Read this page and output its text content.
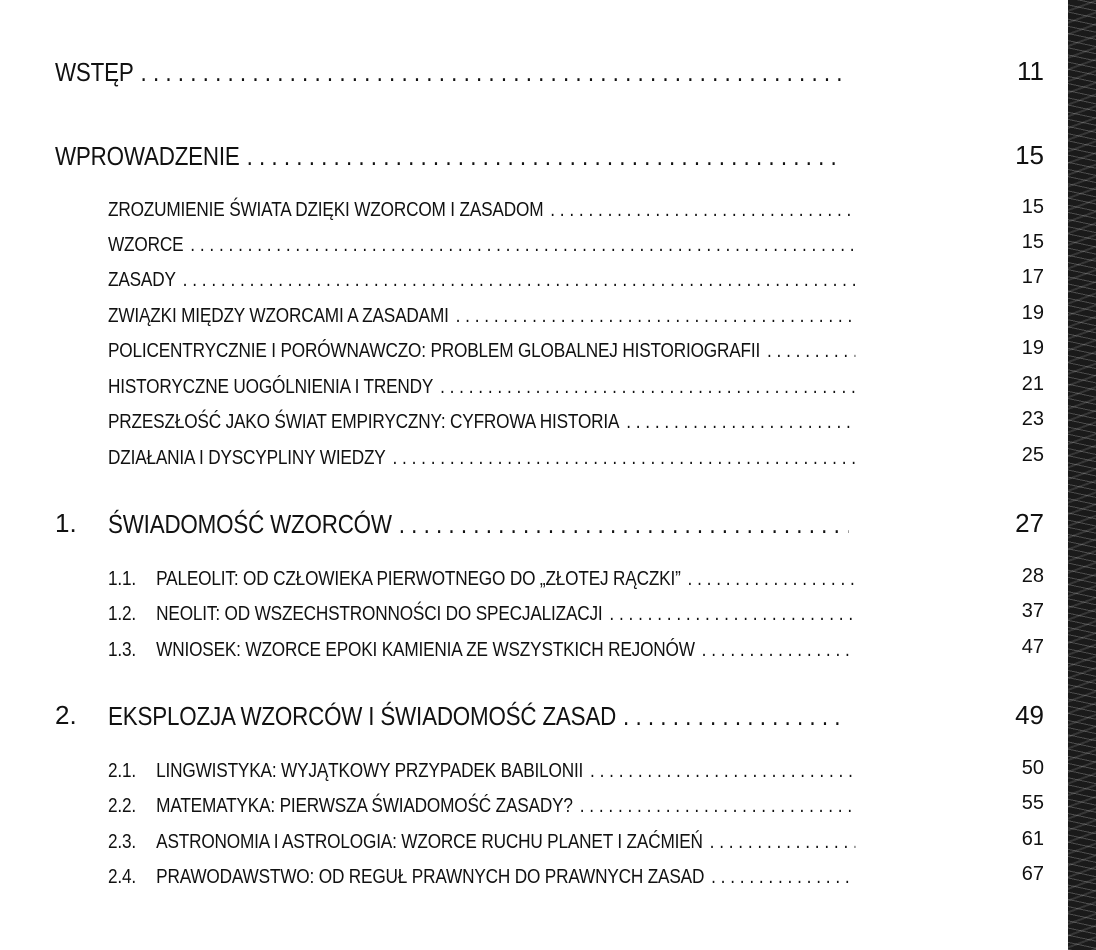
WSTĘP . . .	11
WPROWADZENIE . . .	15
ZROZUMIENIE ŚWIATA DZIĘKI WZORCOM I ZASADOM . . .	15
WZORCE . . .	15
ZASADY . . .	17
ZWIĄZKI MIĘDZY WZORCAMI A ZASADAMI . . .	19
POLICENTRYCZNIE I PORÓWNAWCZO: PROBLEM GLOBALNEJ HISTORIOGRAFII . . .	19
HISTORYCZNE UOGÓLNIENIA I TRENDY . . .	21
PRZESZŁOŚĆ JAKO ŚWIAT EMPIRYCZNY: CYFROWA HISTORIA . . .	23
DZIAŁANIA I DYSCYPLINY WIEDZY . . .	25
1. ŚWIADOMOŚĆ WZORCÓW . . .	27
1.1. PALEOLIT: OD CZŁOWIEKA PIERWOTNEGO DO „ZŁOTEJ RĄCZKI” . . .	28
1.2. NEOLIT: OD WSZECHSTRONNOŚCI DO SPECJALIZACJI . . .	37
1.3. WNIOSEK: WZORCE EPOKI KAMIENIA ZE WSZYSTKICH REJONÓW . . .	47
2. EKSPLOZJA WZORCÓW I ŚWIADOMOŚĆ ZASAD . . .	49
2.1. LINGWISTYKA: WYJĄTKOWY PRZYPADEK BABILONII . . .	50
2.2. MATEMATYKA: PIERWSZA ŚWIADOMOŚĆ ZASADY? . . .	55
2.3. ASTRONOMIA I ASTROLOGIA: WZORCE RUCHU PLANET I ZAĆMIEŃ . . .	61
2.4. PRAWODAWSTWO: OD REGUŁ PRAWNYCH DO PRAWNYCH ZASAD . . .	67
